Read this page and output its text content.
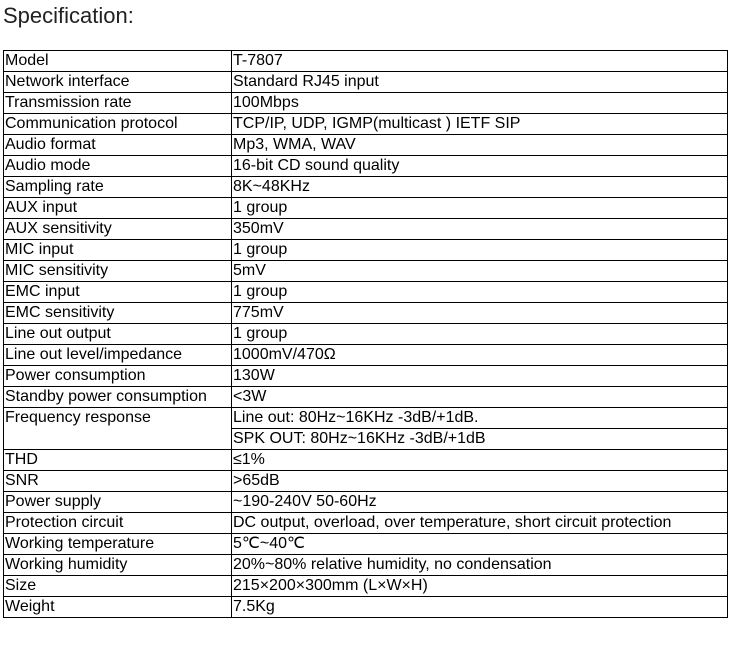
Specification:
Model	T-7807
Network interface	Standard RJ45 input
Transmission rate	100Mbps
Communication protocol	TCP/IP, UDP, IGMP(multicast ) IETF SIP
Audio format	Mp3, WMA, WAV
Audio mode	16-bit CD sound quality
Sampling rate	8K~48KHz
AUX input	1 group
AUX sensitivity	350mV
MIC input	1 group
MIC sensitivity	5mV
EMC input	1 group
EMC sensitivity	775mV
Line out output	1 group
Line out level/impedance	1000mV/470Ω
Power consumption	130W
Standby power consumption	<3W
Frequency response	Line out: 80Hz~16KHz -3dB/+1dB.
	SPK OUT: 80Hz~16KHz -3dB/+1dB
THD	≤1%
SNR	>65dB
Power supply	~190-240V 50-60Hz
Protection circuit	DC output, overload, over temperature, short circuit protection
Working temperature	5℃~40℃
Working humidity	20%~80% relative humidity, no condensation
Size	215×200×300mm (L×W×H)
Weight	7.5Kg
